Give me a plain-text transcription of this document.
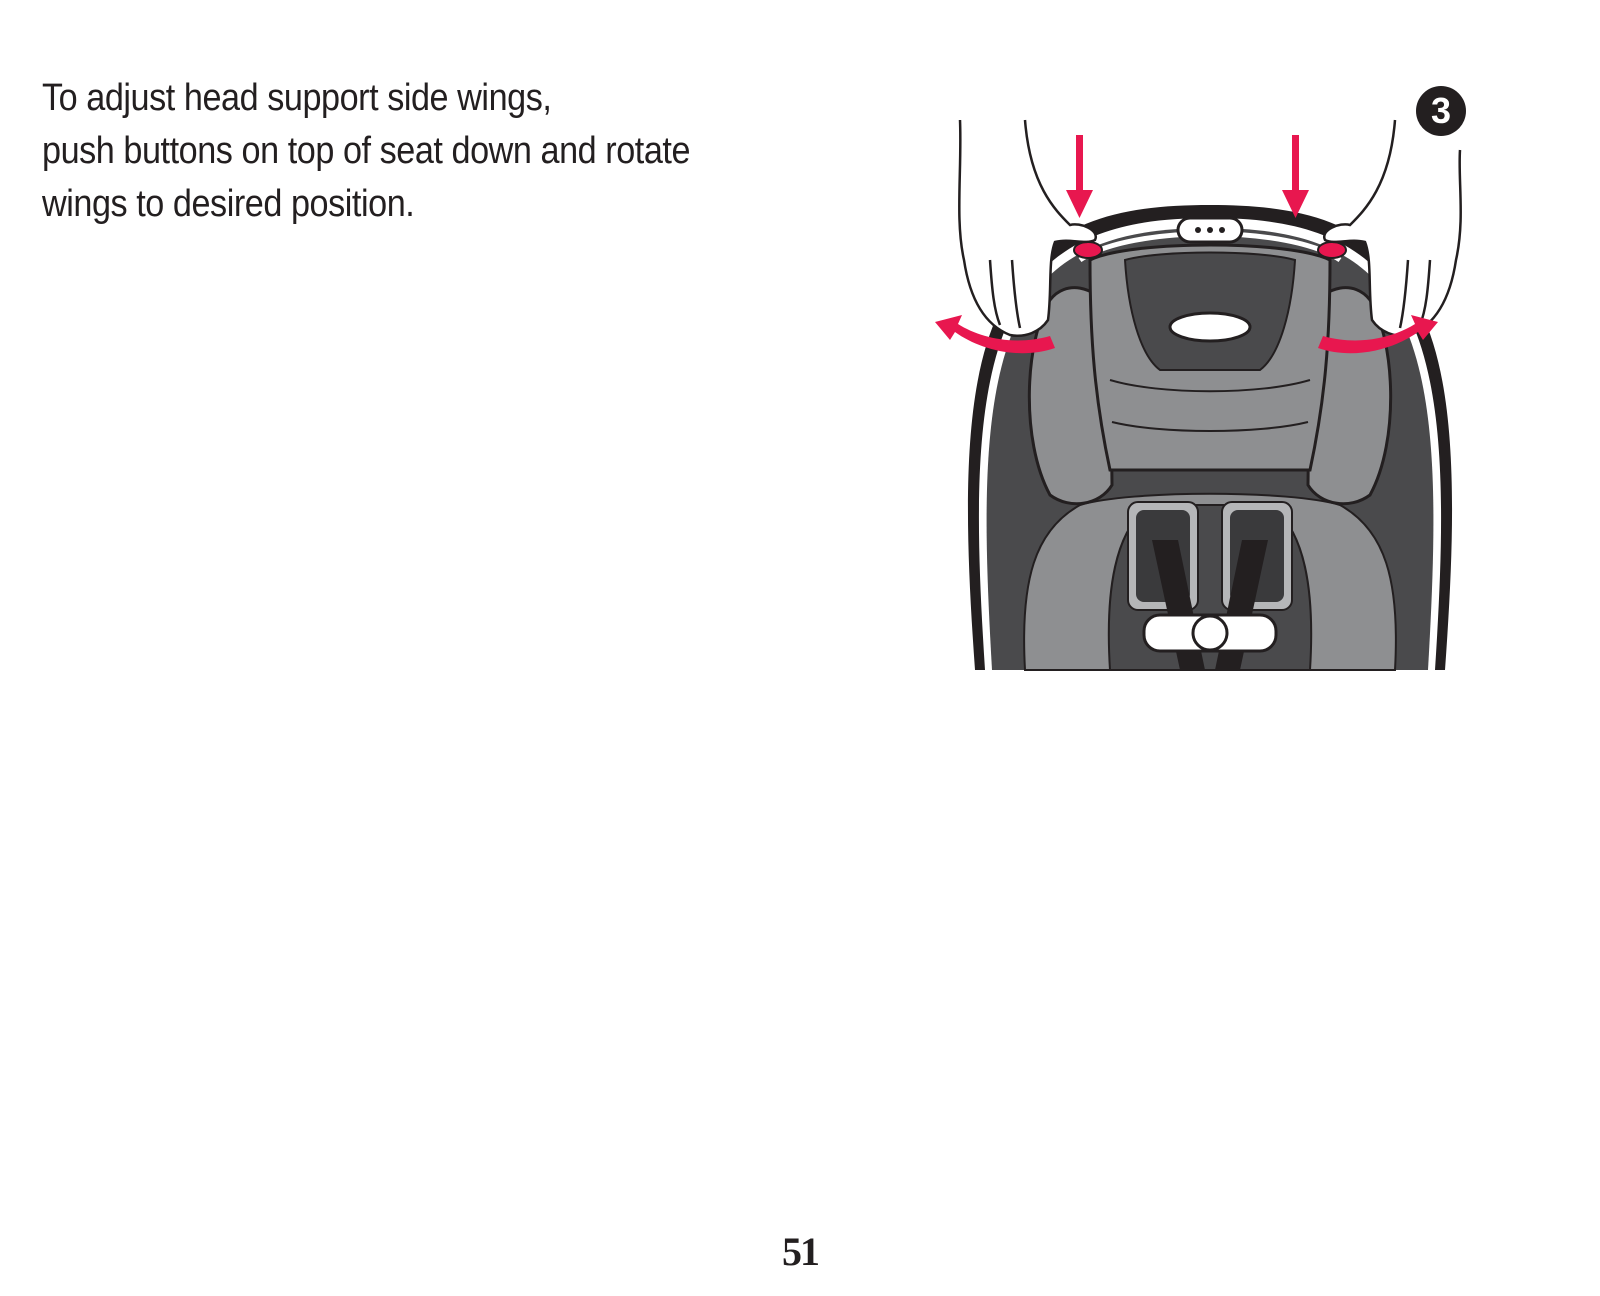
To adjust head support side wings,
push buttons on top of seat down and rotate
wings to desired position.
3
51
